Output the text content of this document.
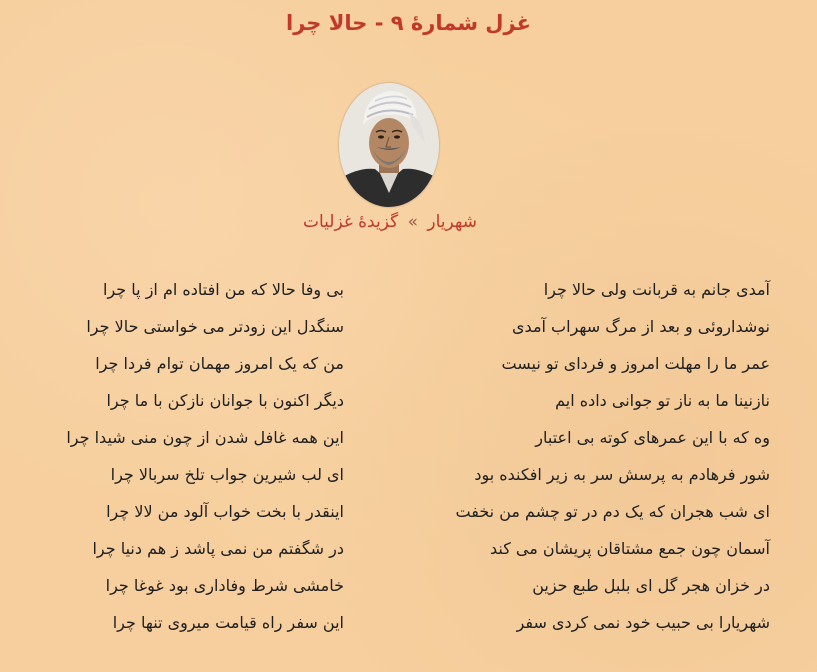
غزل شمارهٔ ۹ - حالا چرا
شهریار » گزیدهٔ غزلیات
آمدی جانم به قربانت ولی حالا چرا
بی وفا حالا که من افتاده ام از پا چرا
نوشداروئی و بعد از مرگ سهراب آمدی
سنگدل این زودتر می خواستی حالا چرا
عمر ما را مهلت امروز و فردای تو نیست
من که یک امروز مهمان توام فردا چرا
نازنینا ما به ناز تو جوانی داده ایم
دیگر اکنون با جوانان نازکن با ما چرا
وه که با این عمرهای کوته بی اعتبار
این همه غافل شدن از چون منی شیدا چرا
شور فرهادم به پرسش سر به زیر افکنده بود
ای لب شیرین جواب تلخ سربالا چرا
ای شب هجران که یک دم در تو چشم من نخفت
اینقدر با بخت خواب آلود من لالا چرا
آسمان چون جمع مشتاقان پریشان می کند
در شگفتم من نمی پاشد ز هم دنیا چرا
در خزان هجر گل ای بلبل طبع حزین
خامشی شرط وفاداری بود غوغا چرا
شهریارا بی حبیب خود نمی کردی سفر
این سفر راه قیامت میروی تنها چرا
